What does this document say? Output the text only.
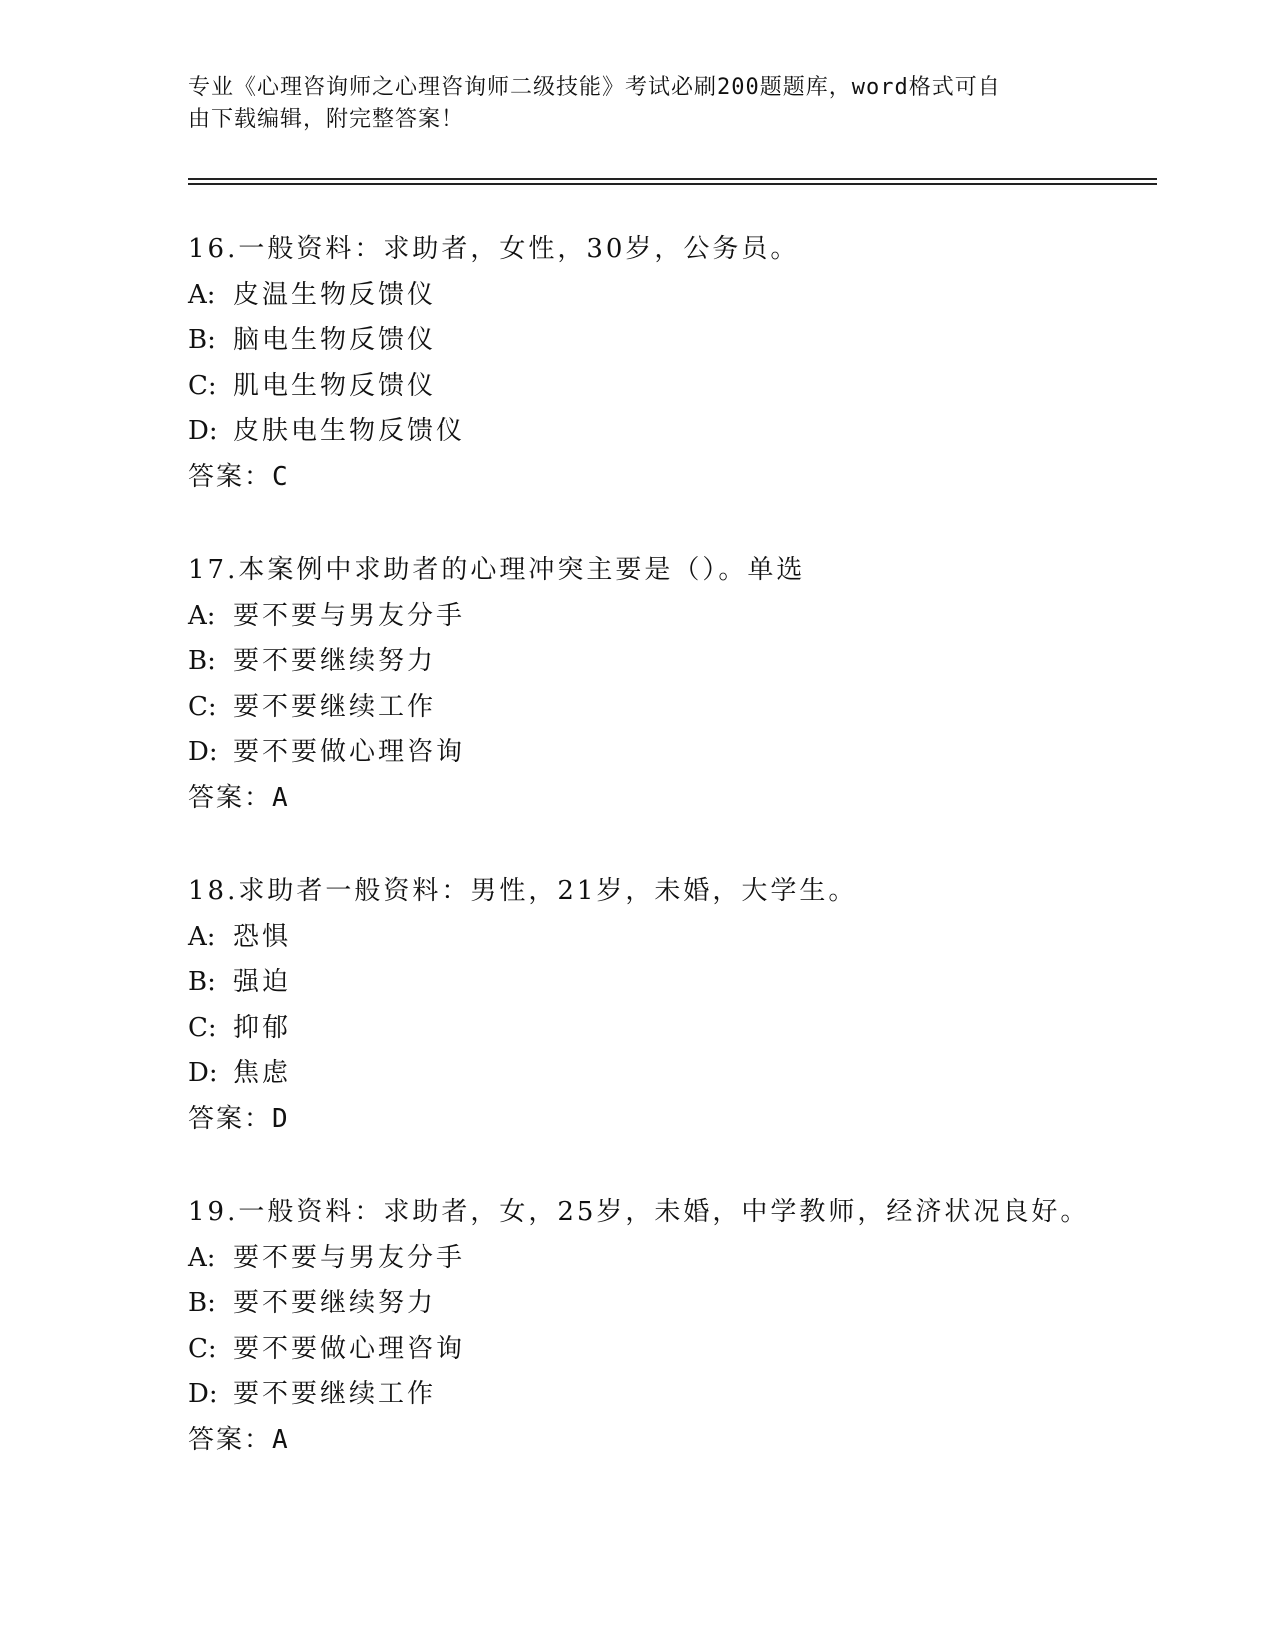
专业《心理咨询师之心理咨询师二级技能》考试必刷200题题库，word格式可自
由下载编辑，附完整答案！
16.一般资料：求助者，女性，30岁，公务员。
A: 皮温生物反馈仪
B: 脑电生物反馈仪
C: 肌电生物反馈仪
D: 皮肤电生物反馈仪
答案：C
17.本案例中求助者的心理冲突主要是（）。单选
A: 要不要与男友分手
B: 要不要继续努力
C: 要不要继续工作
D: 要不要做心理咨询
答案：A
18.求助者一般资料：男性，21岁，未婚，大学生。
A: 恐惧
B: 强迫
C: 抑郁
D: 焦虑
答案：D
19.一般资料：求助者，女，25岁，未婚，中学教师，经济状况良好。
A: 要不要与男友分手
B: 要不要继续努力
C: 要不要做心理咨询
D: 要不要继续工作
答案：A
